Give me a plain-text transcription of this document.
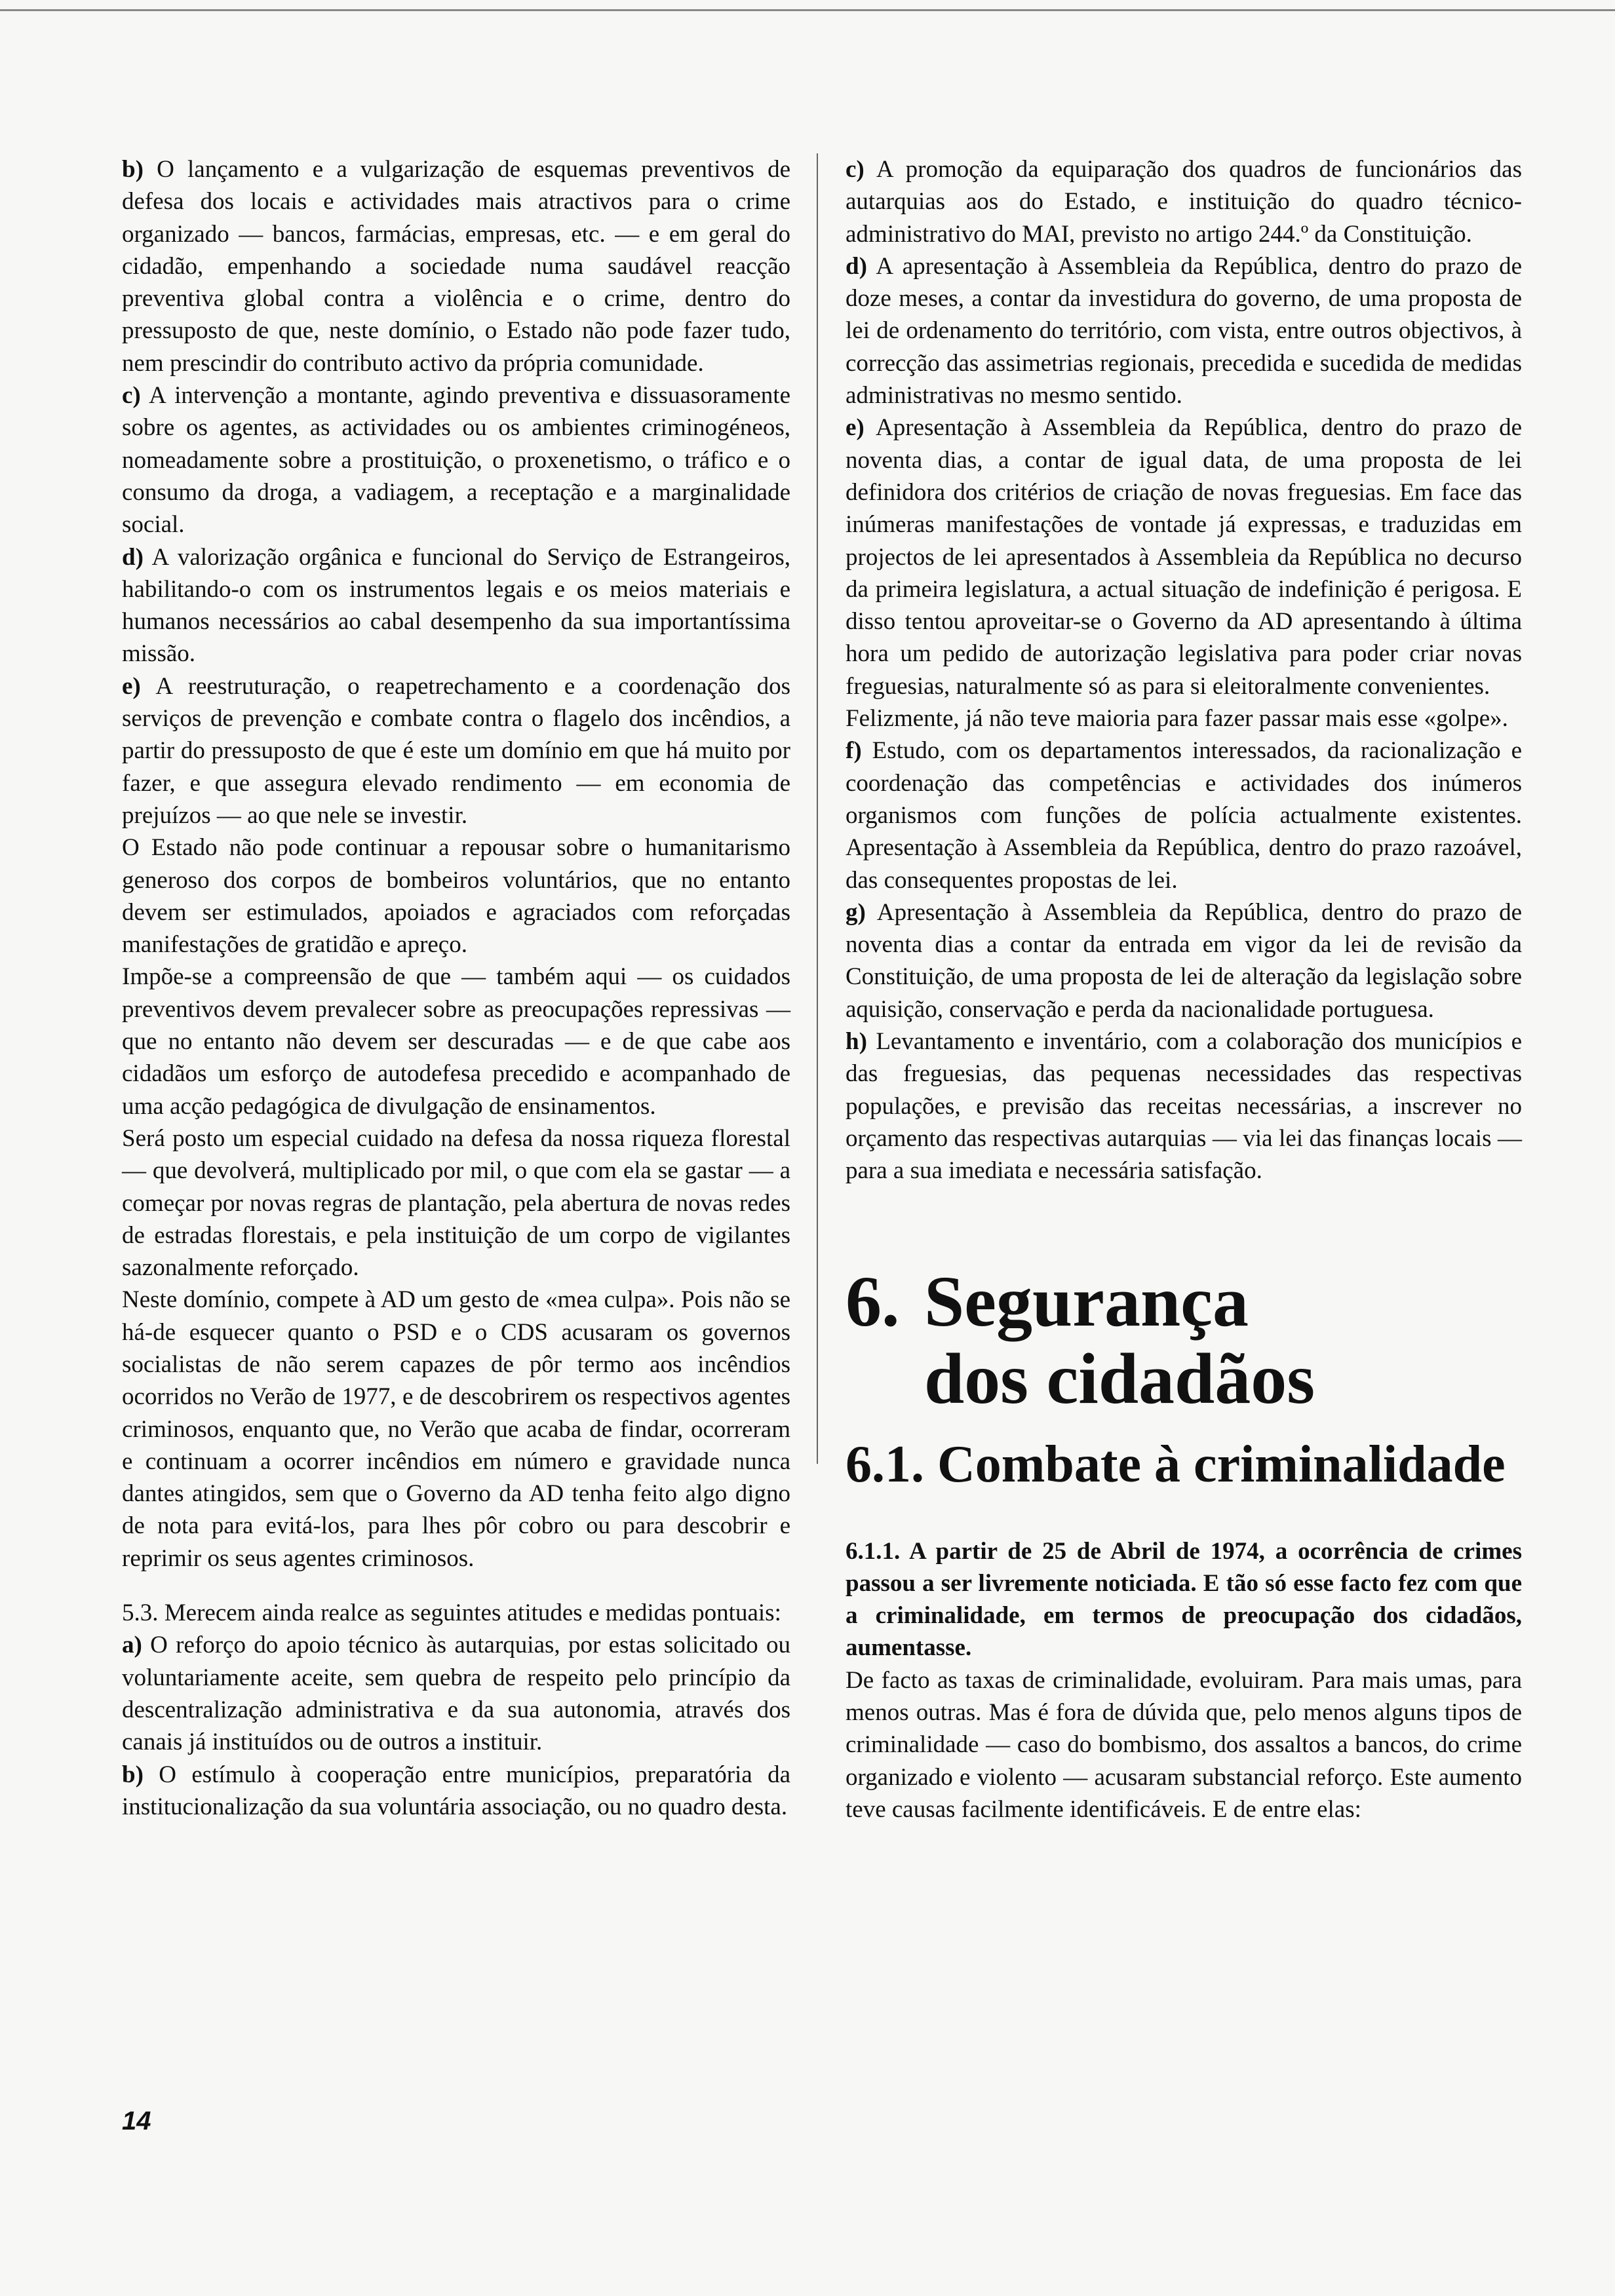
b) O lançamento e a vulgarização de esquemas preventivos de defesa dos locais e actividades mais atractivos para o crime organizado — bancos, farmácias, empresas, etc. — e em geral do cidadão, empenhando a sociedade numa saudável reacção preventiva global contra a violência e o crime, dentro do pressuposto de que, neste domínio, o Estado não pode fazer tudo, nem prescindir do contributo activo da própria comunidade.

c) A intervenção a montante, agindo preventiva e dissuasoramente sobre os agentes, as actividades ou os ambientes criminogéneos, nomeadamente sobre a prostituição, o proxenetismo, o tráfico e o consumo da droga, a vadiagem, a receptação e a marginalidade social.

d) A valorização orgânica e funcional do Serviço de Estrangeiros, habilitando-o com os instrumentos legais e os meios materiais e humanos necessários ao cabal desempenho da sua importantíssima missão.

e) A reestruturação, o reapetrechamento e a coordenação dos serviços de prevenção e combate contra o flagelo dos incêndios, a partir do pressuposto de que é este um domínio em que há muito por fazer, e que assegura elevado rendimento — em economia de prejuízos — ao que nele se investir.

O Estado não pode continuar a repousar sobre o humanitarismo generoso dos corpos de bombeiros voluntários, que no entanto devem ser estimulados, apoiados e agraciados com reforçadas manifestações de gratidão e apreço.

Impõe-se a compreensão de que — também aqui — os cuidados preventivos devem prevalecer sobre as preocupações repressivas — que no entanto não devem ser descuradas — e de que cabe aos cidadãos um esforço de autodefesa precedido e acompanhado de uma acção pedagógica de divulgação de ensinamentos.

Será posto um especial cuidado na defesa da nossa riqueza florestal — que devolverá, multiplicado por mil, o que com ela se gastar — a começar por novas regras de plantação, pela abertura de novas redes de estradas florestais, e pela instituição de um corpo de vigilantes sazonalmente reforçado.

Neste domínio, compete à AD um gesto de «mea culpa». Pois não se há-de esquecer quanto o PSD e o CDS acusaram os governos socialistas de não serem capazes de pôr termo aos incêndios ocorridos no Verão de 1977, e de descobrirem os respectivos agentes criminosos, enquanto que, no Verão que acaba de findar, ocorreram e continuam a ocorrer incêndios em número e gravidade nunca dantes atingidos, sem que o Governo da AD tenha feito algo digno de nota para evitá-los, para lhes pôr cobro ou para descobrir e reprimir os seus agentes criminosos.

5.3. Merecem ainda realce as seguintes atitudes e medidas pontuais:

a) O reforço do apoio técnico às autarquias, por estas solicitado ou voluntariamente aceite, sem quebra de respeito pelo princípio da descentralização administrativa e da sua autonomia, através dos canais já instituídos ou de outros a instituir.

b) O estímulo à cooperação entre municípios, preparatória da institucionalização da sua voluntária associação, ou no quadro desta.

c) A promoção da equiparação dos quadros de funcionários das autarquias aos do Estado, e instituição do quadro técnico-administrativo do MAI, previsto no artigo 244.º da Constituição.

d) A apresentação à Assembleia da República, dentro do prazo de doze meses, a contar da investidura do governo, de uma proposta de lei de ordenamento do território, com vista, entre outros objectivos, à correcção das assimetrias regionais, precedida e sucedida de medidas administrativas no mesmo sentido.

e) Apresentação à Assembleia da República, dentro do prazo de noventa dias, a contar de igual data, de uma proposta de lei definidora dos critérios de criação de novas freguesias. Em face das inúmeras manifestações de vontade já expressas, e traduzidas em projectos de lei apresentados à Assembleia da República no decurso da primeira legislatura, a actual situação de indefinição é perigosa. E disso tentou aproveitar-se o Governo da AD apresentando à última hora um pedido de autorização legislativa para poder criar novas freguesias, naturalmente só as para si eleitoralmente convenientes.

Felizmente, já não teve maioria para fazer passar mais esse «golpe».

f) Estudo, com os departamentos interessados, da racionalização e coordenação das competências e actividades dos inúmeros organismos com funções de polícia actualmente existentes. Apresentação à Assembleia da República, dentro do prazo razoável, das consequentes propostas de lei.

g) Apresentação à Assembleia da República, dentro do prazo de noventa dias a contar da entrada em vigor da lei de revisão da Constituição, de uma proposta de lei de alteração da legislação sobre aquisição, conservação e perda da nacionalidade portuguesa.

h) Levantamento e inventário, com a colaboração dos municípios e das freguesias, das pequenas necessidades das respectivas populações, e previsão das receitas necessárias, a inscrever no orçamento das respectivas autarquias — via lei das finanças locais — para a sua imediata e necessária satisfação.

6. Segurança
dos cidadãos
6.1. Combate à criminalidade

6.1.1. A partir de 25 de Abril de 1974, a ocorrência de crimes passou a ser livremente noticiada. E tão só esse facto fez com que a criminalidade, em termos de preocupação dos cidadãos, aumentasse.

De facto as taxas de criminalidade, evoluiram. Para mais umas, para menos outras. Mas é fora de dúvida que, pelo menos alguns tipos de criminalidade — caso do bombismo, dos assaltos a bancos, do crime organizado e violento — acusaram substancial reforço. Este aumento teve causas facilmente identificáveis. E de entre elas:

14
